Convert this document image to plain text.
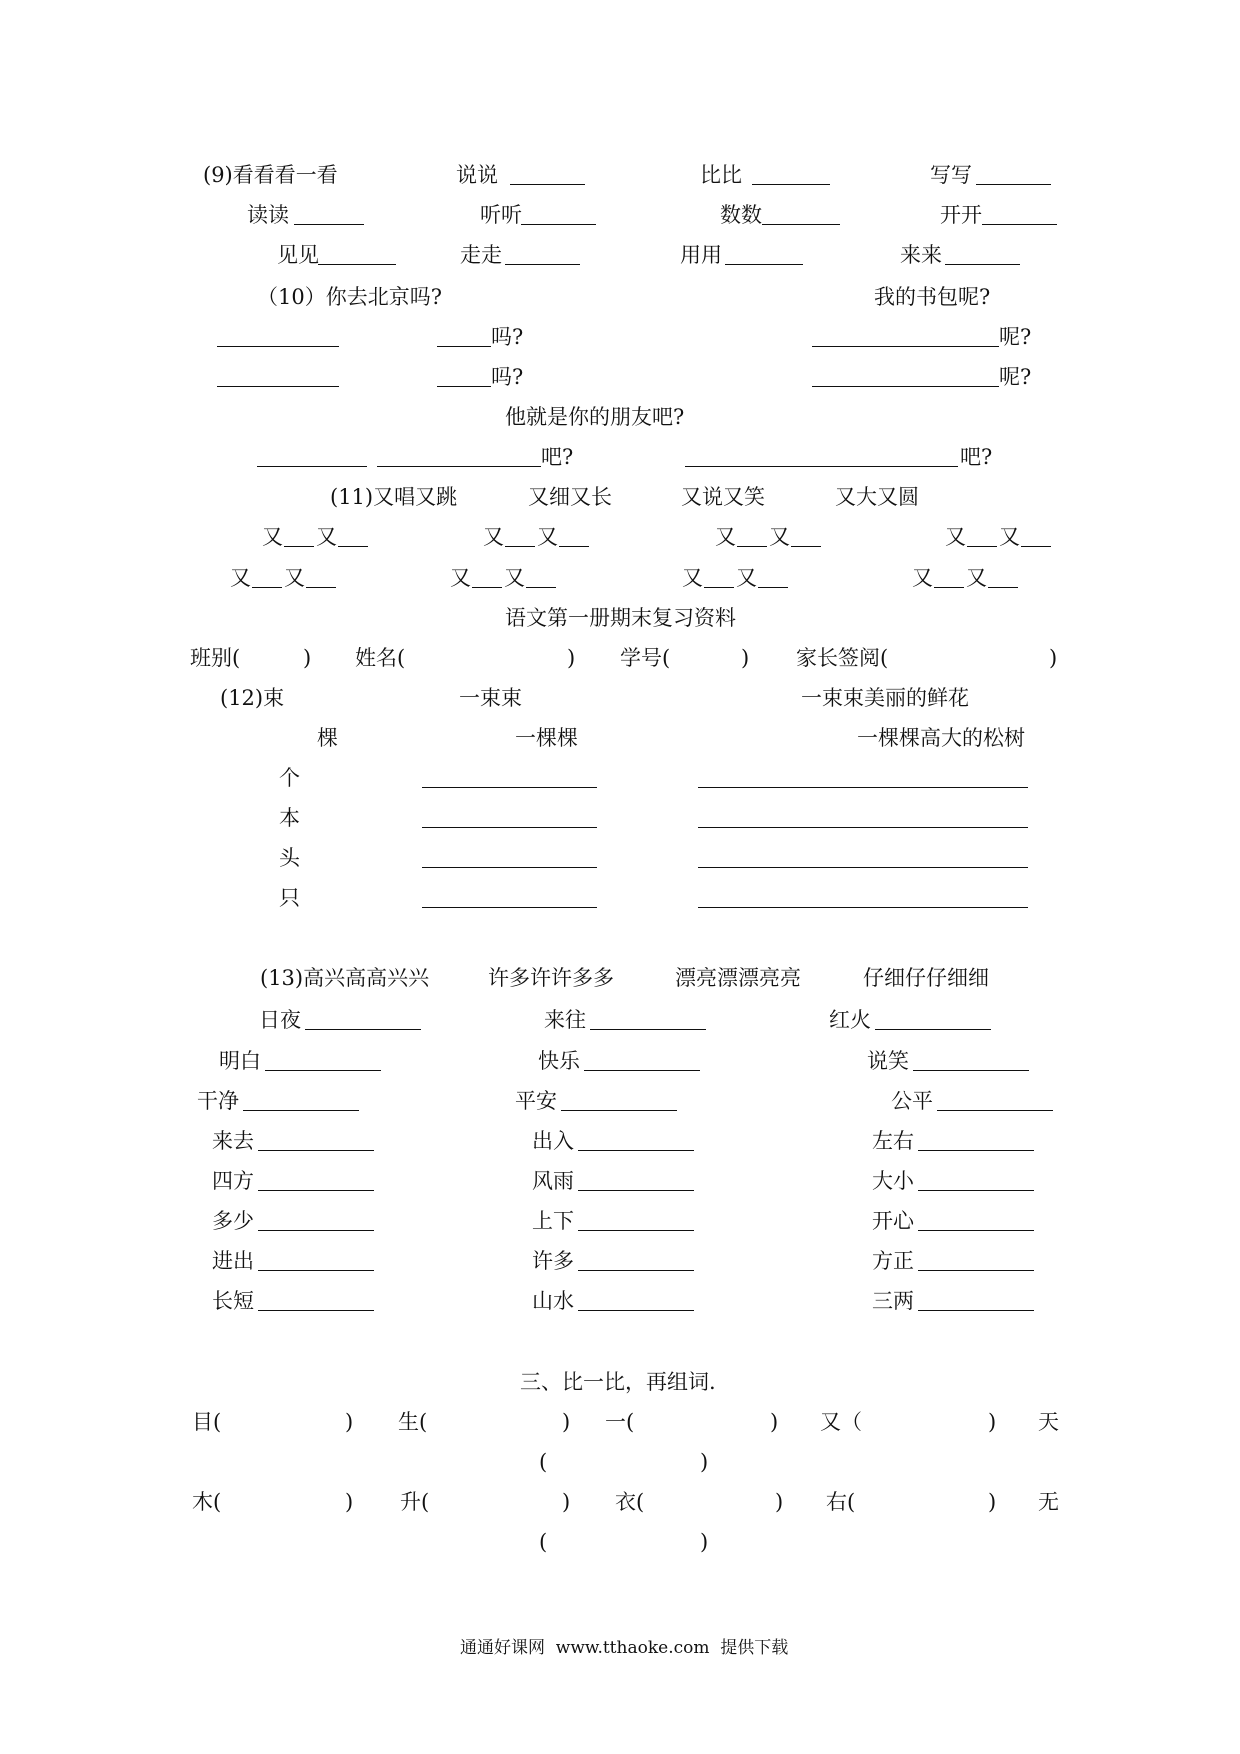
(9)看看看一看	说说	比比	写写
读读	听听	数数	开开
见见	走走	用用	来来
（10）你去北京吗?	我的书包呢?
吗?	呢?
吗?	呢?
他就是你的朋友吧?
吧?	吧?
(11)又唱又跳	又细又长	又说又笑	又大又圆
又 又	又 又	又 又	又 又
又 又	又 又	又 又	又 又
语文第一册期末复习资料
班别(	) 姓名(	) 学号(	) 家长签阅(	)
(12)束	一束束	一束束美丽的鲜花
棵	一棵棵	一棵棵高大的松树
个
本
头
只
(13)高兴高高兴兴	许多许许多多	漂亮漂漂亮亮	仔细仔仔细细
日夜	来往	红火
明白	快乐	说笑
干净	平安	公平
来去	出入	左右
四方	风雨	大小
多少	上下	开心
进出	许多	方正
长短	山水	三两
三、比一比，再组词.
目(	) 生(	) 一(	) 又（	) 天
(	)
木(	) 升(	) 衣(	) 右(	) 无
(	)
通通好课网  www.tthaoke.com  提供下载
